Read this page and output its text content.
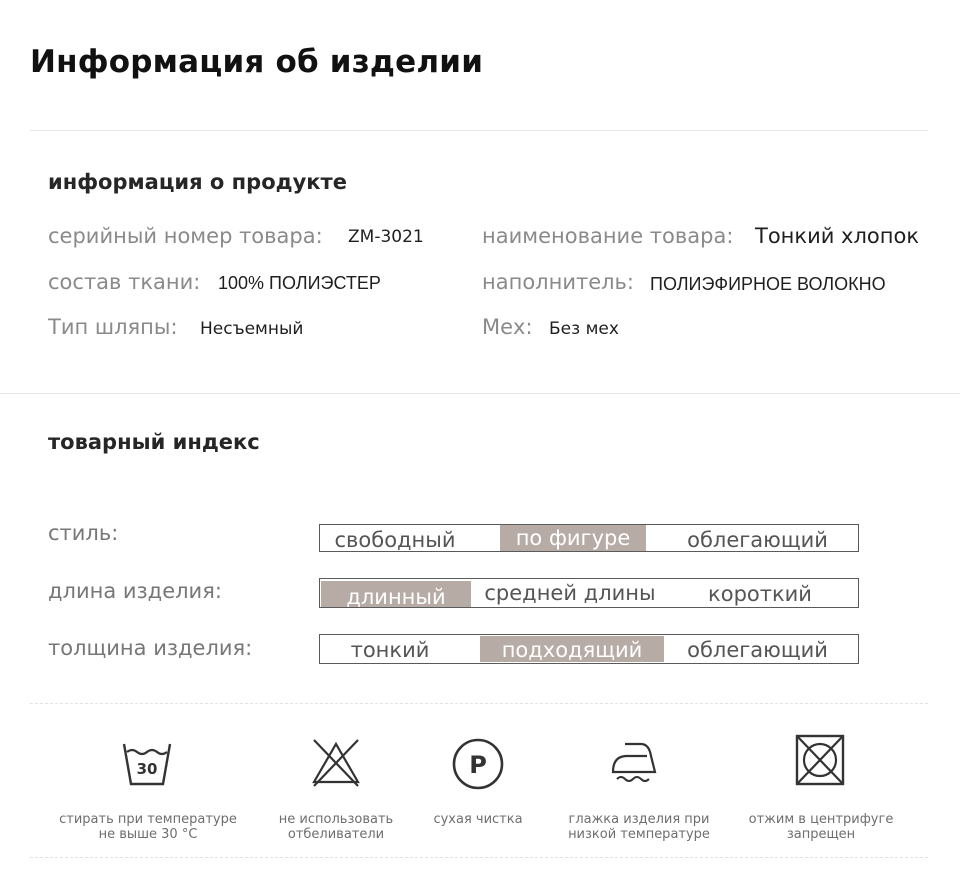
Информация об изделии
информация о продукте
серийный номер товара: ZM-3021	наименование товара: Тонкий хлопок
состав ткани: 100% ПОЛИЭСТЕР	наполнитель: ПОЛИЭФИРНОЕ ВОЛОКНО
Тип шляпы: Несъемный	Мех: Без мех
товарный индекс
стиль:	свободный	по фигуре	облегающий
длина изделия:	длинный	средней длины	короткий
толщина изделия:	тонкий	подходящий	облегающий
30
стирать при температуре
не выше 30 °C
не использовать
отбеливатели
P
сухая чистка	глажка изделия при
низкой температуре
отжим в центрифуге
запрещен
